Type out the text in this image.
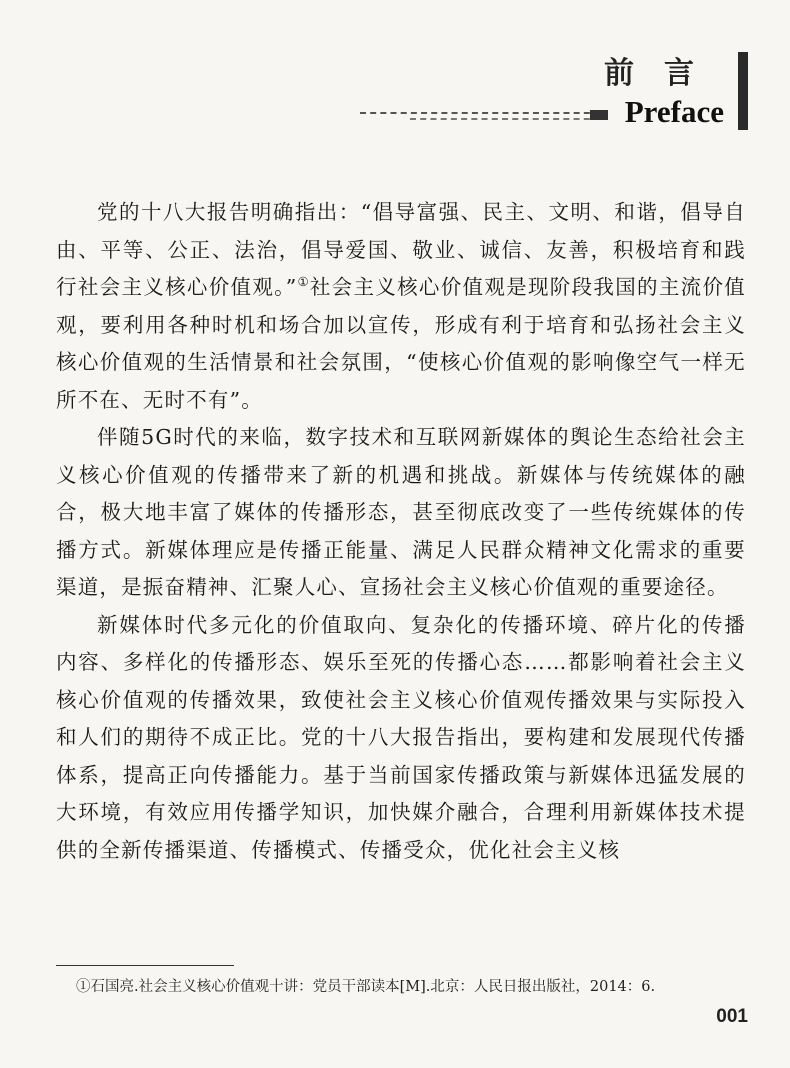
前言
Preface

党的十八大报告明确指出：“倡导富强、民主、文明、和谐，倡导自由、平等、公正、法治，倡导爱国、敬业、诚信、友善，积极培育和践行社会主义核心价值观。”①社会主义核心价值观是现阶段我国的主流价值观，要利用各种时机和场合加以宣传，形成有利于培育和弘扬社会主义核心价值观的生活情景和社会氛围，“使核心价值观的影响像空气一样无所不在、无时不有”。

伴随5G时代的来临，数字技术和互联网新媒体的舆论生态给社会主义核心价值观的传播带来了新的机遇和挑战。新媒体与传统媒体的融合，极大地丰富了媒体的传播形态，甚至彻底改变了一些传统媒体的传播方式。新媒体理应是传播正能量、满足人民群众精神文化需求的重要渠道，是振奋精神、汇聚人心、宣扬社会主义核心价值观的重要途径。

新媒体时代多元化的价值取向、复杂化的传播环境、碎片化的传播内容、多样化的传播形态、娱乐至死的传播心态……都影响着社会主义核心价值观的传播效果，致使社会主义核心价值观传播效果与实际投入和人们的期待不成正比。党的十八大报告指出，要构建和发展现代传播体系，提高正向传播能力。基于当前国家传播政策与新媒体迅猛发展的大环境，有效应用传播学知识，加快媒介融合，合理利用新媒体技术提供的全新传播渠道、传播模式、传播受众，优化社会主义核

①石国亮.社会主义核心价值观十讲：党员干部读本[M].北京：人民日报出版社，2014：6.
001
